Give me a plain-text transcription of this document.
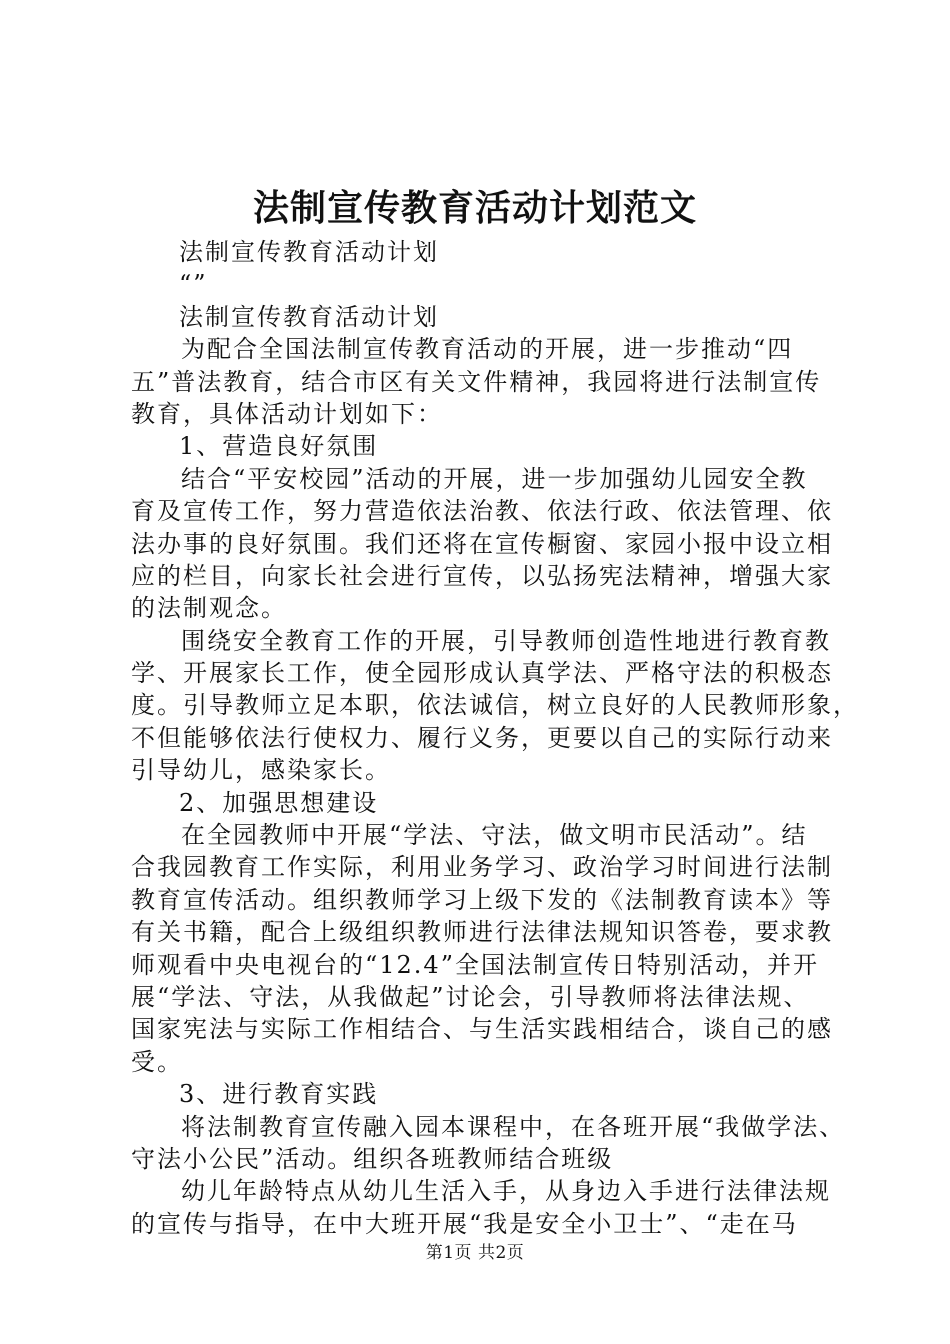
法制宣传教育活动计划范文
法制宣传教育活动计划
“”
法制宣传教育活动计划
为配合全国法制宣传教育活动的开展，进一步推动“四
五”普法教育，结合市区有关文件精神，我园将进行法制宣传
教育，具体活动计划如下：
1、营造良好氛围
结合“平安校园”活动的开展，进一步加强幼儿园安全教
育及宣传工作，努力营造依法治教、依法行政、依法管理、依
法办事的良好氛围。我们还将在宣传橱窗、家园小报中设立相
应的栏目，向家长社会进行宣传，以弘扬宪法精神，增强大家
的法制观念。
围绕安全教育工作的开展，引导教师创造性地进行教育教
学、开展家长工作，使全园形成认真学法、严格守法的积极态
度。引导教师立足本职，依法诚信，树立良好的人民教师形象，
不但能够依法行使权力、履行义务，更要以自己的实际行动来
引导幼儿，感染家长。
2、加强思想建设
在全园教师中开展“学法、守法，做文明市民活动”。结
合我园教育工作实际，利用业务学习、政治学习时间进行法制
教育宣传活动。组织教师学习上级下发的《法制教育读本》等
有关书籍，配合上级组织教师进行法律法规知识答卷，要求教
师观看中央电视台的“12.4”全国法制宣传日特别活动，并开
展“学法、守法，从我做起”讨论会，引导教师将法律法规、
国家宪法与实际工作相结合、与生活实践相结合，谈自己的感
受。
3、进行教育实践
将法制教育宣传融入园本课程中，在各班开展“我做学法、
守法小公民”活动。组织各班教师结合班级
幼儿年龄特点从幼儿生活入手，从身边入手进行法律法规
的宣传与指导，在中大班开展“我是安全小卫士”、“走在马
第1页 共2页
